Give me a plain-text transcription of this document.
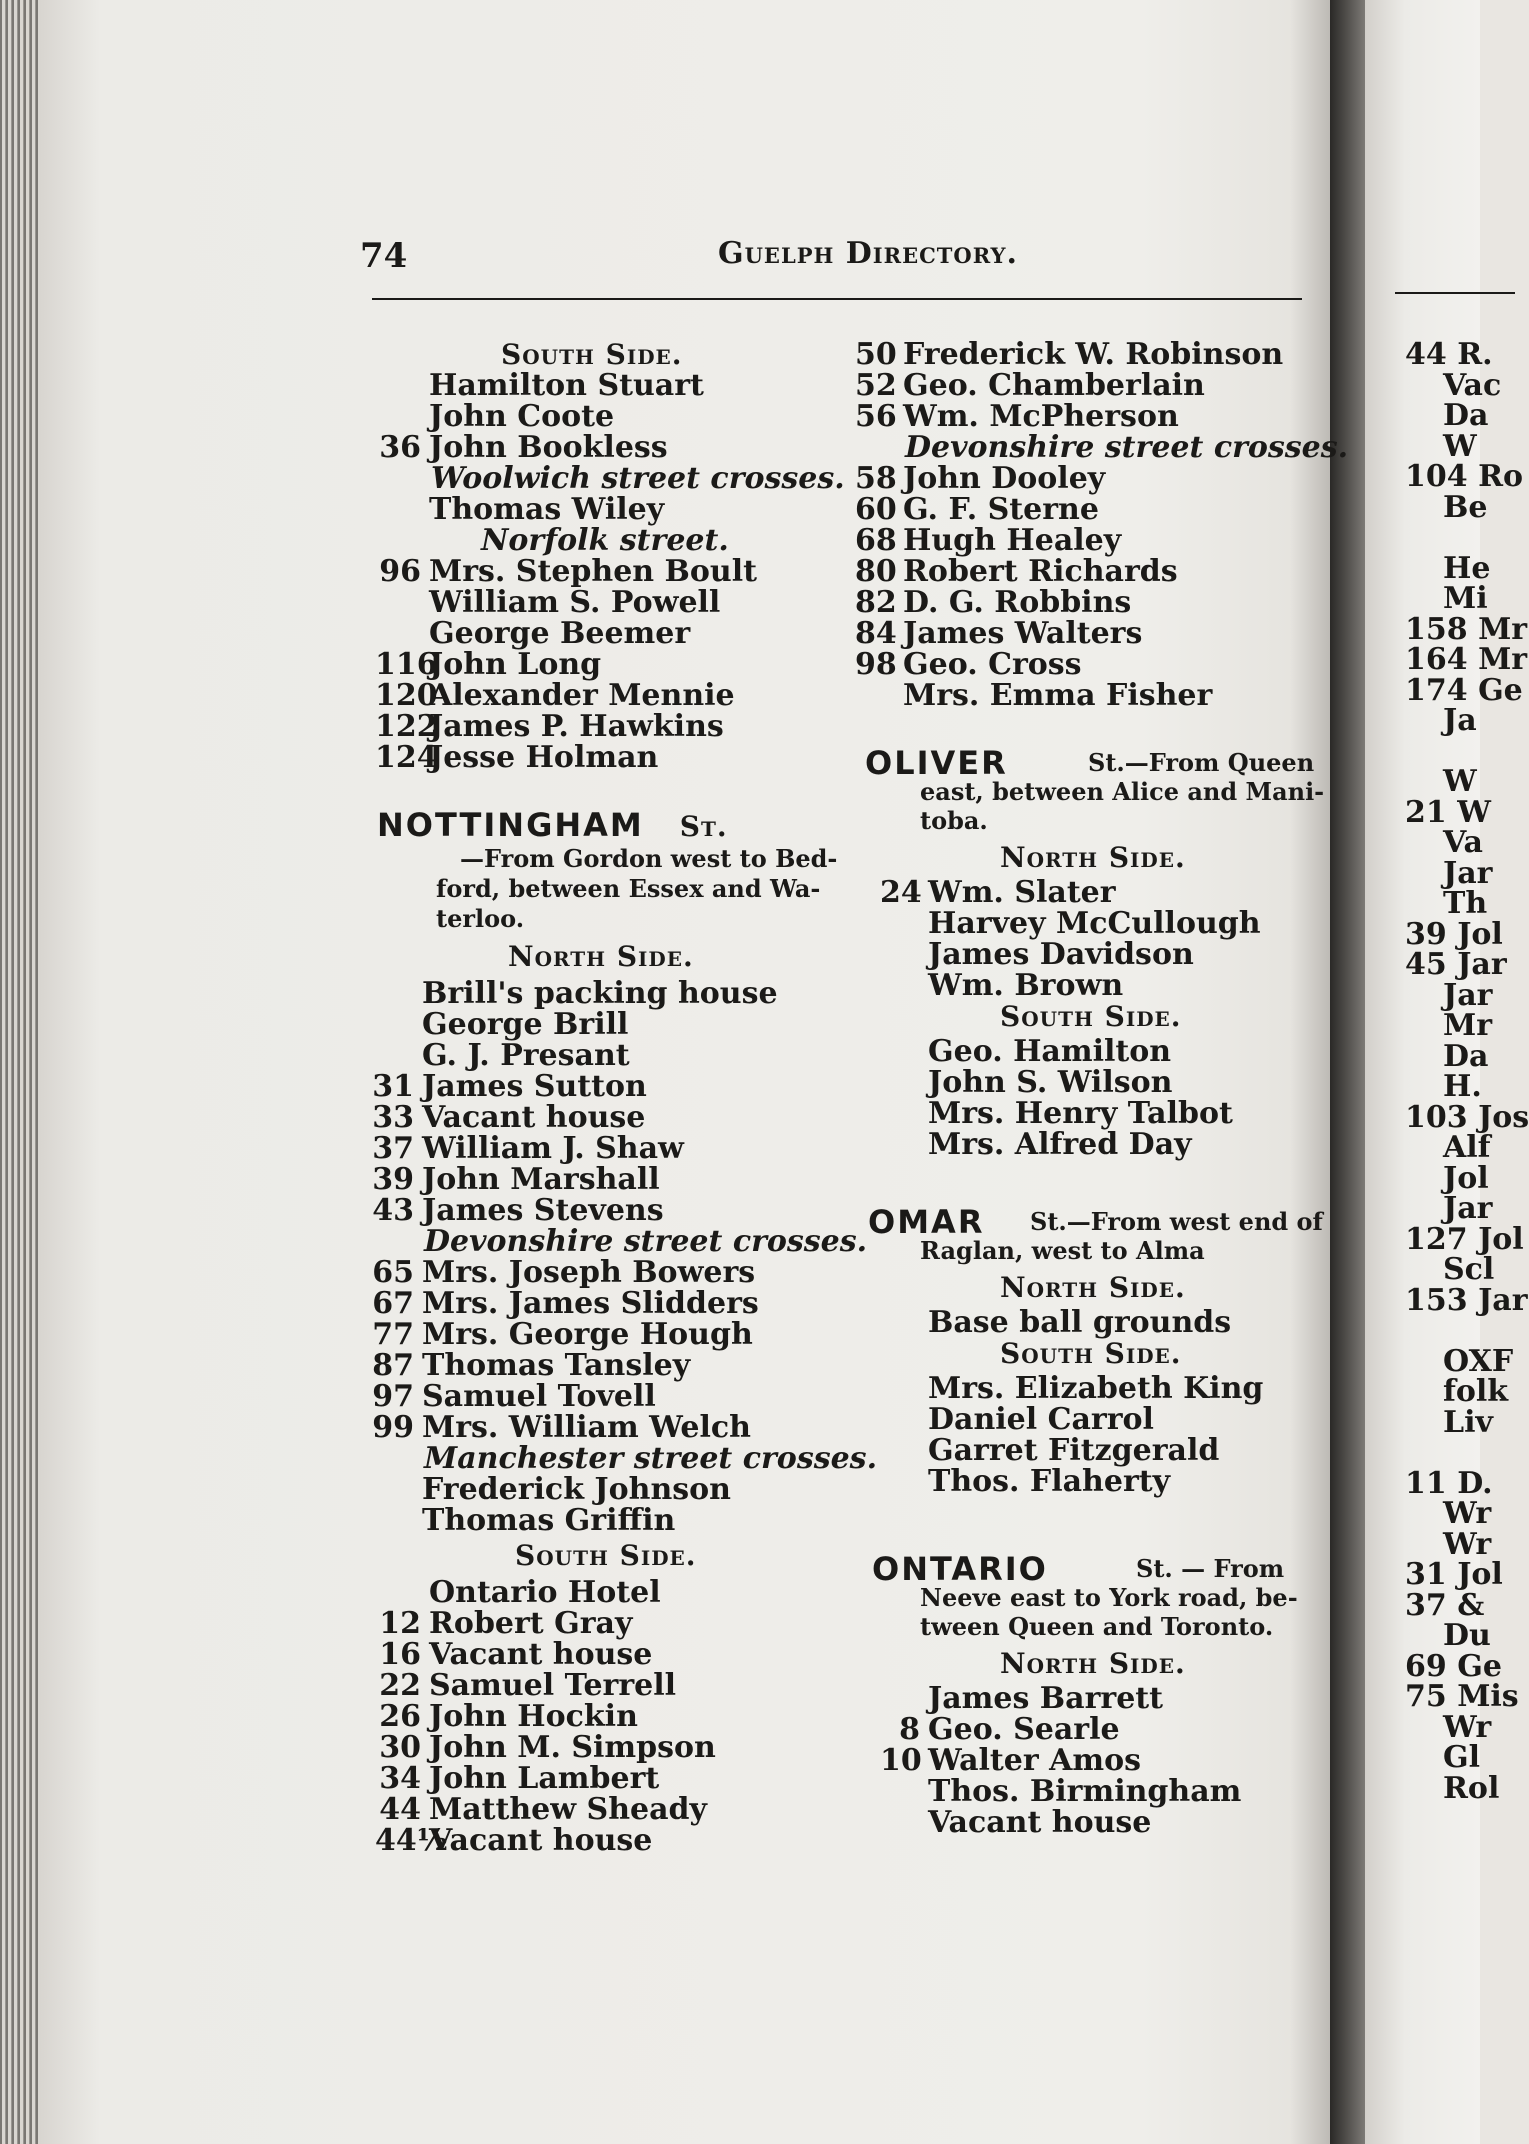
44 R.
Vac
Da
W
104 Ro
Be
He
Mi
158 Mr
164 Mr
174 Ge
Ja
W
21 W
Va
Jar
Th
39 Jol
45 Jar
Jar
Mr
Da
H.
103 Jos
Alf
Jol
Jar
127 Jol
Scl
153 Jar
OXF
folk
Liv
11 D.
Wr
Wr
31 Jol
37 &
Du
69 Ge
75 Mis
Wr
Gl
Rol
74	Guelph Directory.
South Side.
Hamilton Stuart
John Coote
36 John Bookless
Woolwich street crosses.
Thomas Wiley
Norfolk street.
96 Mrs. Stephen Boult
William S. Powell
George Beemer
116John Long
120Alexander Mennie
122James P. Hawkins
124Jesse Holman
NOTTINGHAM St.
—From Gordon west to Bed-
ford, between Essex and Wa-
terloo.
North Side.
Brill's packing house
George Brill
G. J. Presant
31 James Sutton
33 Vacant house
37 William J. Shaw
39 John Marshall
43 James Stevens
Devonshire street crosses.
65 Mrs. Joseph Bowers
67 Mrs. James Slidders
77 Mrs. George Hough
87 Thomas Tansley
97 Samuel Tovell
99 Mrs. William Welch
Manchester street crosses.
Frederick Johnson
Thomas Griffin
South Side.
Ontario Hotel
12 Robert Gray
16 Vacant house
22 Samuel Terrell
26 John Hockin
30 John M. Simpson
34 John Lambert
44 Matthew Sheady
44½Vacant house
50 Frederick W. Robinson
52 Geo. Chamberlain
56 Wm. McPherson
Devonshire street crosses.
58 John Dooley
60 G. F. Sterne
68 Hugh Healey
80 Robert Richards
82 D. G. Robbins
84 James Walters
98 Geo. Cross
Mrs. Emma Fisher
OLIVER	St.—From Queen
east, between Alice and Mani-
toba.
North Side.
24 Wm. Slater
Harvey McCullough
James Davidson
Wm. Brown
South Side.
Geo. Hamilton
John S. Wilson
Mrs. Henry Talbot
Mrs. Alfred Day
OMAR St.—From west end of
Raglan, west to Alma
North Side.
Base ball grounds
South Side.
Mrs. Elizabeth King
Daniel Carrol
Garret Fitzgerald
Thos. Flaherty
ONTARIO	St. — From
Neeve east to York road, be-
tween Queen and Toronto.
North Side.
James Barrett
8 Geo. Searle
10 Walter Amos
Thos. Birmingham
Vacant house
